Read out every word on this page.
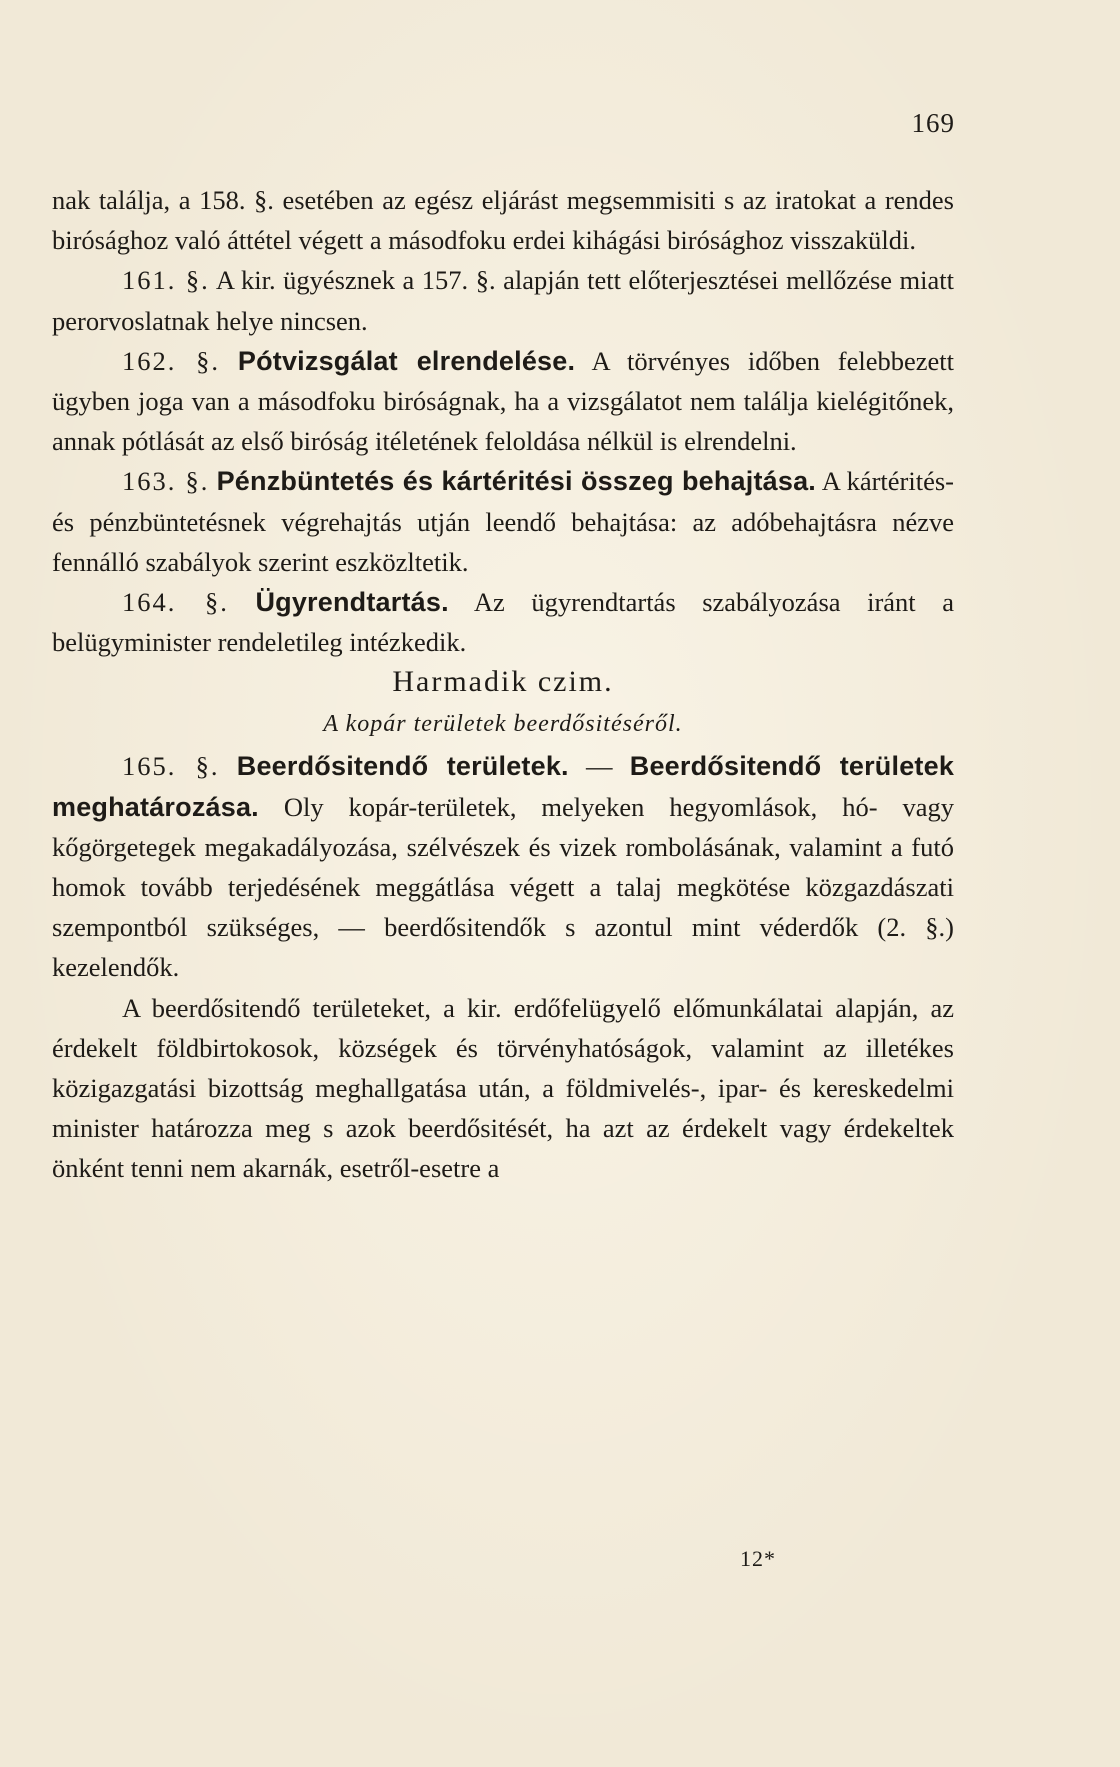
169

nak találja, a 158. §. esetében az egész eljárást megsemmisiti s az iratokat a rendes birósághoz való áttétel végett a másodfoku erdei kihágási birósághoz visszaküldi.

161. §. A kir. ügyésznek a 157. §. alapján tett előterjesztései mellőzése miatt perorvoslatnak helye nincsen.

162. §. Pótvizsgálat elrendelése. A törvényes időben felebbezett ügyben joga van a másodfoku biróságnak, ha a vizsgálatot nem találja kielégitőnek, annak pótlását az első biróság itéletének feloldása nélkül is elrendelni.

163. §. Pénzbüntetés és kártéritési összeg behajtása. A kártérités- és pénzbüntetésnek végrehajtás utján leendő behajtása: az adóbehajtásra nézve fennálló szabályok szerint eszközltetik.

164. §. Ügyrendtartás. Az ügyrendtartás szabályozása iránt a belügyminister rendeletileg intézkedik.

Harmadik czim.

A kopár területek beerdősitéséről.

165. §. Beerdősitendő területek. — Beerdősitendő területek meghatározása. Oly kopár-területek, melyeken hegyomlások, hó- vagy kőgörgetegek megakadályozása, szélvészek és vizek rombolásának, valamint a futó homok tovább terjedésének meggátlása végett a talaj megkötése közgazdászati szempontból szükséges, — beerdősitendők s azontul mint véderdők (2. §.) kezelendők.

A beerdősitendő területeket, a kir. erdőfelügyelő előmunkálatai alapján, az érdekelt földbirtokosok, községek és törvényhatóságok, valamint az illetékes közigazgatási bizottság meghallgatása után, a földmivelés-, ipar- és kereskedelmi minister határozza meg s azok beerdősitését, ha azt az érdekelt vagy érdekeltek önként tenni nem akarnák, esetről-esetre a

12*
